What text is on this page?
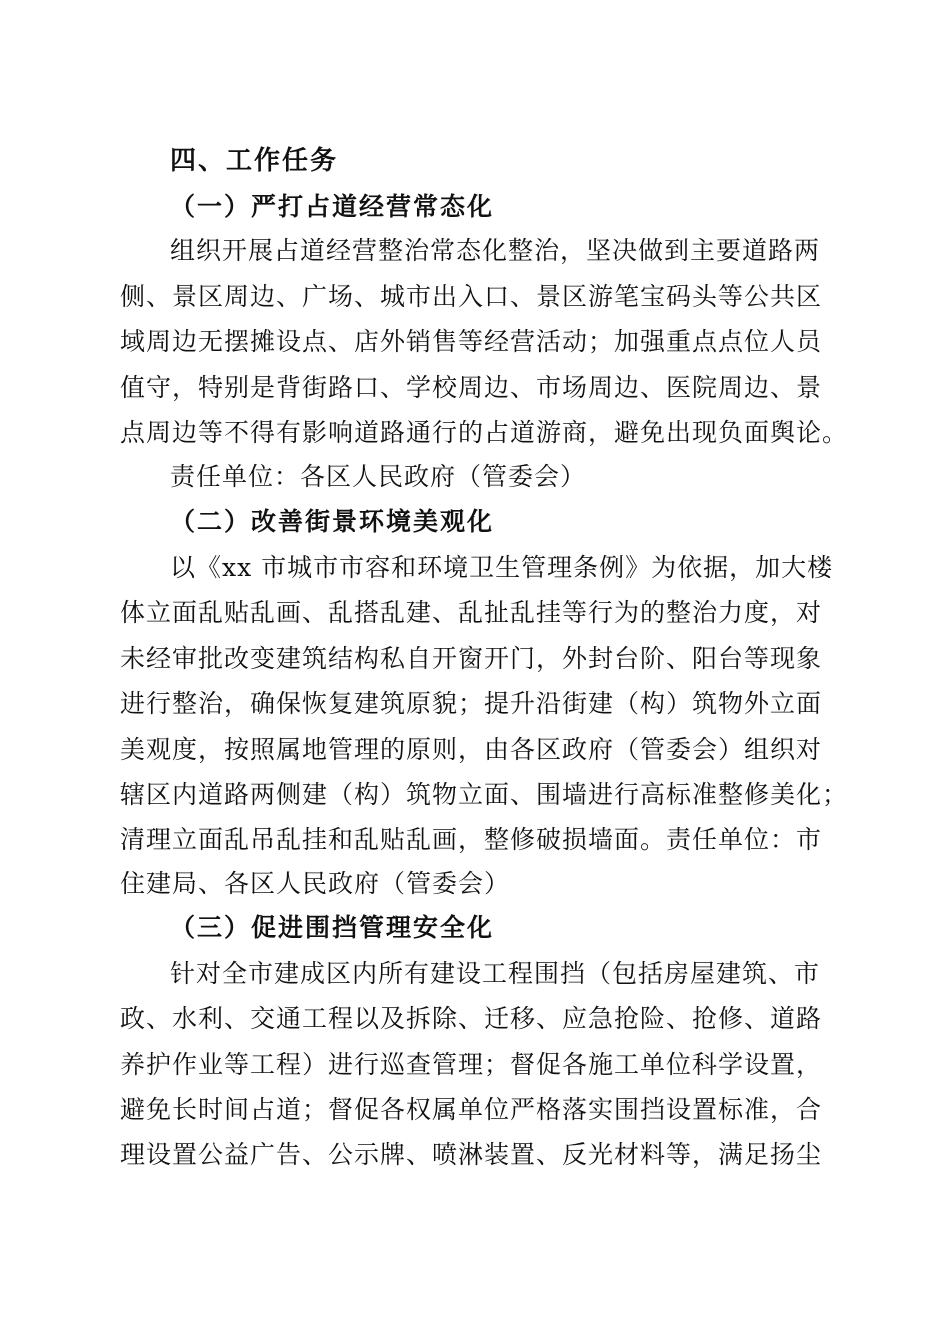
四、工作任务
（一）严打占道经营常态化
组织开展占道经营整治常态化整治，坚决做到主要道路两
侧、景区周边、广场、城市出入口、景区游笔宝码头等公共区
域周边无摆摊设点、店外销售等经营活动；加强重点点位人员
值守，特别是背街路口、学校周边、市场周边、医院周边、景
点周边等不得有影响道路通行的占道游商，避免出现负面舆论。
责任单位：各区人民政府（管委会）
（二）改善街景环境美观化
以《xx 市城市市容和环境卫生管理条例》为依据，加大楼
体立面乱贴乱画、乱搭乱建、乱扯乱挂等行为的整治力度，对
未经审批改变建筑结构私自开窗开门，外封台阶、阳台等现象
进行整治，确保恢复建筑原貌；提升沿街建（构）筑物外立面
美观度，按照属地管理的原则，由各区政府（管委会）组织对
辖区内道路两侧建（构）筑物立面、围墙进行高标准整修美化；
清理立面乱吊乱挂和乱贴乱画，整修破损墙面。责任单位：市
住建局、各区人民政府（管委会）
（三）促进围挡管理安全化
针对全市建成区内所有建设工程围挡（包括房屋建筑、市
政、水利、交通工程以及拆除、迁移、应急抢险、抢修、道路
养护作业等工程）进行巡查管理；督促各施工单位科学设置，
避免长时间占道；督促各权属单位严格落实围挡设置标准，合
理设置公益广告、公示牌、喷淋装置、反光材料等，满足扬尘
